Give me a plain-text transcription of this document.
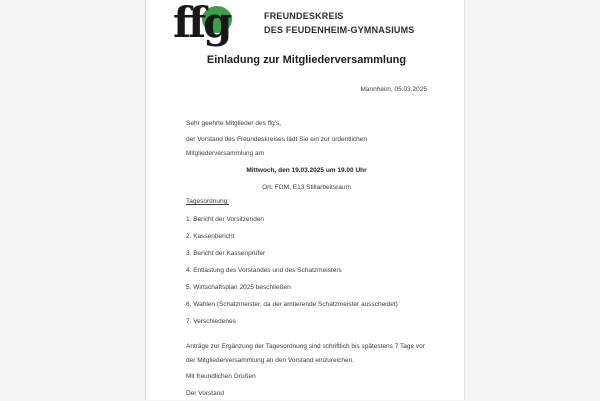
ffg	FREUNDESKREIS
DES FEUDENHEIM-GYMNASIUMS
Einladung zur Mitgliederversammlung
Mannheim, 05.03.2025

Sehr geehrte Mitglieder des ffg's,

der Vorstand des Freundeskreises lädt Sie ein zur ordentlichen Mitgliederversammlung am

Mittwoch, den 19.03.2025 um 19.00 Uhr
Ort: FGM, E13 Stillarbeitsraum
Tagesordnung:
1. Bericht der Vorsitzenden
2. Kassenbericht
3. Bericht der Kassenprüfer
4. Entlastung des Vorstandes und des Schatzmeisters
5. Wirtschaftsplan 2025 beschließen
6. Wahlen (Schatzmeister, da der amtierende Schatzmeister ausscheidet)
7. Verschiedenes

Anträge zur Ergänzung der Tagesordnung sind schriftlich bis spätestens 7 Tage vor der Mitgliederversammlung an den Vorstand einzureichen.

Mit freundlichen Grüßen
Der Vorstand
